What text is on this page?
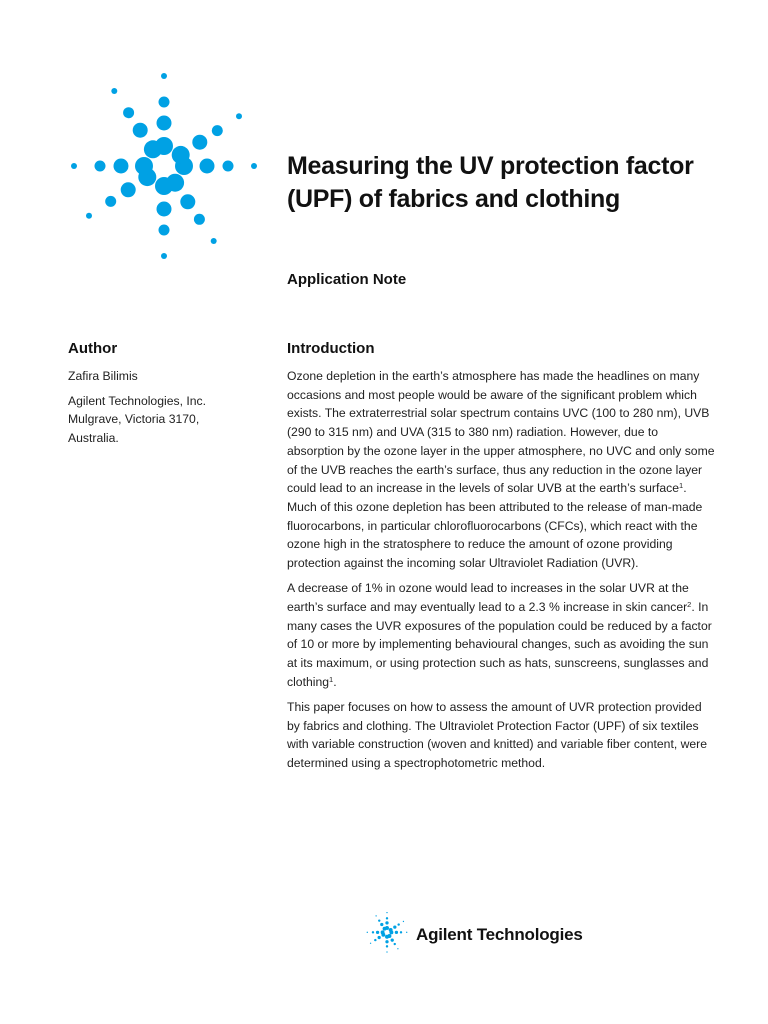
Measuring the UV protection factor (UPF) of fabrics and clothing
Application Note
Author	Introduction

Zafira Bilimis

Agilent Technologies, Inc.
Mulgrave, Victoria 3170,
Australia.

Ozone depletion in the earth’s atmosphere has made the headlines on many occasions and most people would be aware of the significant problem which exists. The extraterrestrial solar spectrum contains UVC (100 to 280 nm), UVB (290 to 315 nm) and UVA (315 to 380 nm) radiation. However, due to absorption by the ozone layer in the upper atmosphere, no UVC and only some of the UVB reaches the earth’s surface, thus any reduction in the ozone layer could lead to an increase in the levels of solar UVB at the earth’s surface$^1$. Much of this ozone depletion has been attributed to the release of man-made fluorocarbons, in particular chlorofluorocarbons (CFCs), which react with the ozone high in the stratosphere to reduce the amount of ozone providing protection against the incoming solar Ultraviolet Radiation (UVR).

A decrease of 1% in ozone would lead to increases in the solar UVR at the earth’s surface and may eventually lead to a 2.3 % increase in skin cancer$^2$. In many cases the UVR exposures of the population could be reduced by a factor of 10 or more by implementing behavioural changes, such as avoiding the sun at its maximum, or using protection such as hats, sunscreens, sunglasses and clothing$^1$.

This paper focuses on how to assess the amount of UVR protection provided by fabrics and clothing. The Ultraviolet Protection Factor (UPF) of six textiles with variable construction (woven and knitted) and variable fiber content, were determined using a spectrophotometric method.

Agilent Technologies
